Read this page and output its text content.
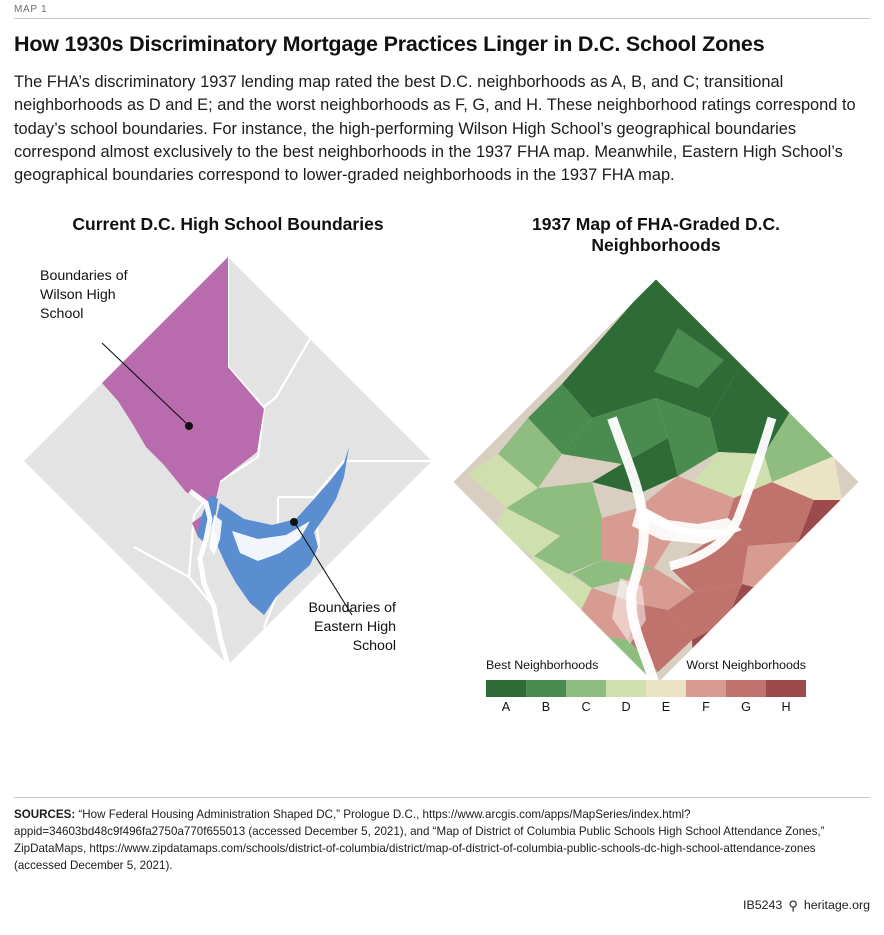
MAP 1
How 1930s Discriminatory Mortgage Practices Linger in D.C. School Zones

The FHA’s discriminatory 1937 lending map rated the best D.C. neighborhoods as A, B, and C; transitional neighborhoods as D and E; and the worst neighborhoods as F, G, and H. These neighborhood ratings correspond to today’s school boundaries. For instance, the high-performing Wilson High School’s geographical boundaries correspond almost exclusively to the best neighborhoods in the 1937 FHA map. Meanwhile, Eastern High School’s geographical boundaries correspond to lower-graded neighborhoods in the 1937 FHA map.

Current D.C. High School Boundaries
Boundaries of Wilson High School
Boundaries of Eastern High School
1937 Map of FHA-Graded D.C. Neighborhoods
Best Neighborhoods	Worst Neighborhoods
A	B	C	D	E	F	G	H
SOURCES: “How Federal Housing Administration Shaped DC,” Prologue D.C., https://www.arcgis.com/apps/MapSeries/index.html?appid=34603bd48c9f496fa2750a770f655013 (accessed December 5, 2021), and “Map of District of Columbia Public Schools High School Attendance Zones,” ZipDataMaps, https://www.zipdatamaps.com/schools/district-of-columbia/district/map-of-district-of-columbia-public-schools-dc-high-school-attendance-zones (accessed December 5, 2021).
IB5243 ⚲ heritage.org
